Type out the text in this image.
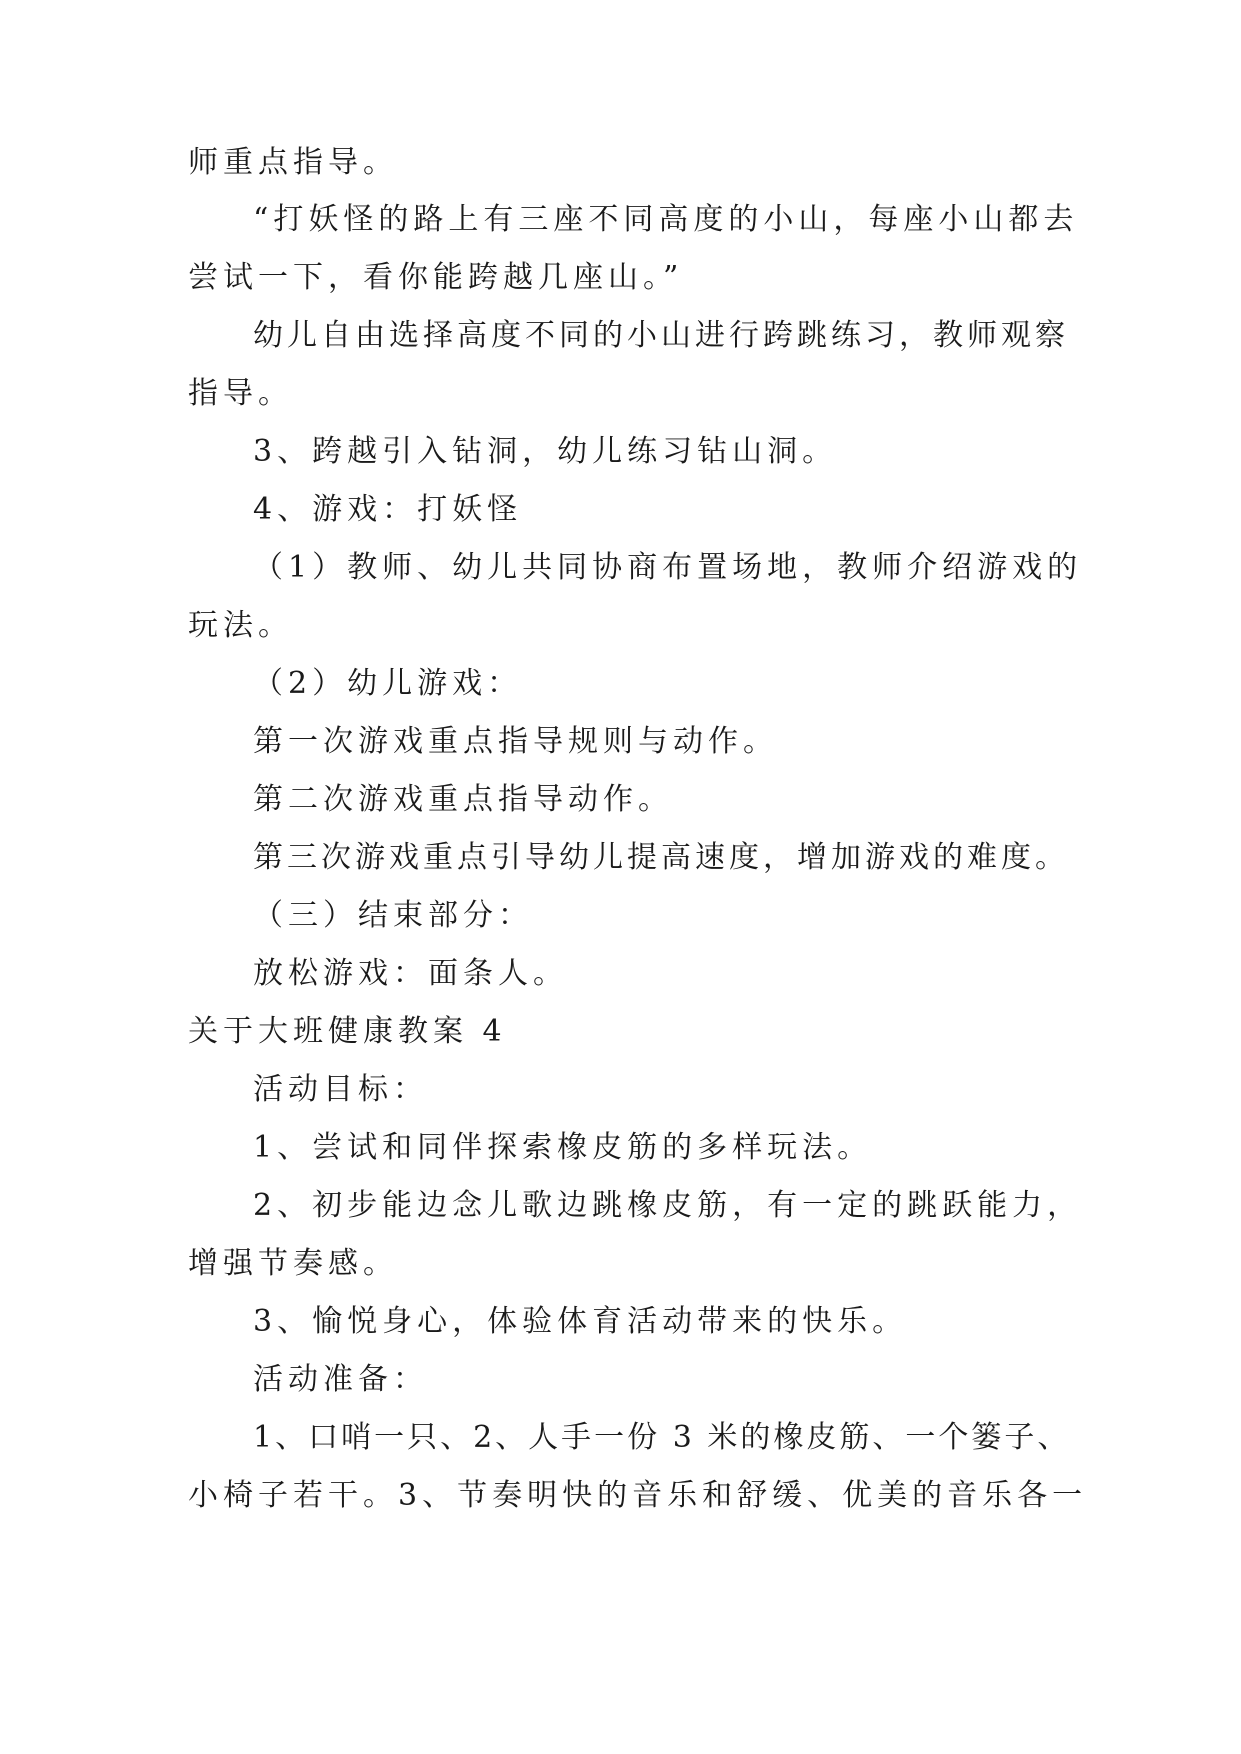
师重点指导。
“打妖怪的路上有三座不同高度的小山，每座小山都去
尝试一下，看你能跨越几座山。”
幼儿自由选择高度不同的小山进行跨跳练习，教师观察
指导。
3、跨越引入钻洞，幼儿练习钻山洞。
4、游戏：打妖怪
（1）教师、幼儿共同协商布置场地，教师介绍游戏的
玩法。
（2）幼儿游戏：
第一次游戏重点指导规则与动作。
第二次游戏重点指导动作。
第三次游戏重点引导幼儿提高速度，增加游戏的难度。
（三）结束部分：
放松游戏：面条人。
关于大班健康教案 4
活动目标：
1、尝试和同伴探索橡皮筋的多样玩法。
2、初步能边念儿歌边跳橡皮筋，有一定的跳跃能力，
增强节奏感。
3、愉悦身心，体验体育活动带来的快乐。
活动准备：
1、口哨一只、2、人手一份 3 米的橡皮筋、一个篓子、
小椅子若干。3、节奏明快的音乐和舒缓、优美的音乐各一
